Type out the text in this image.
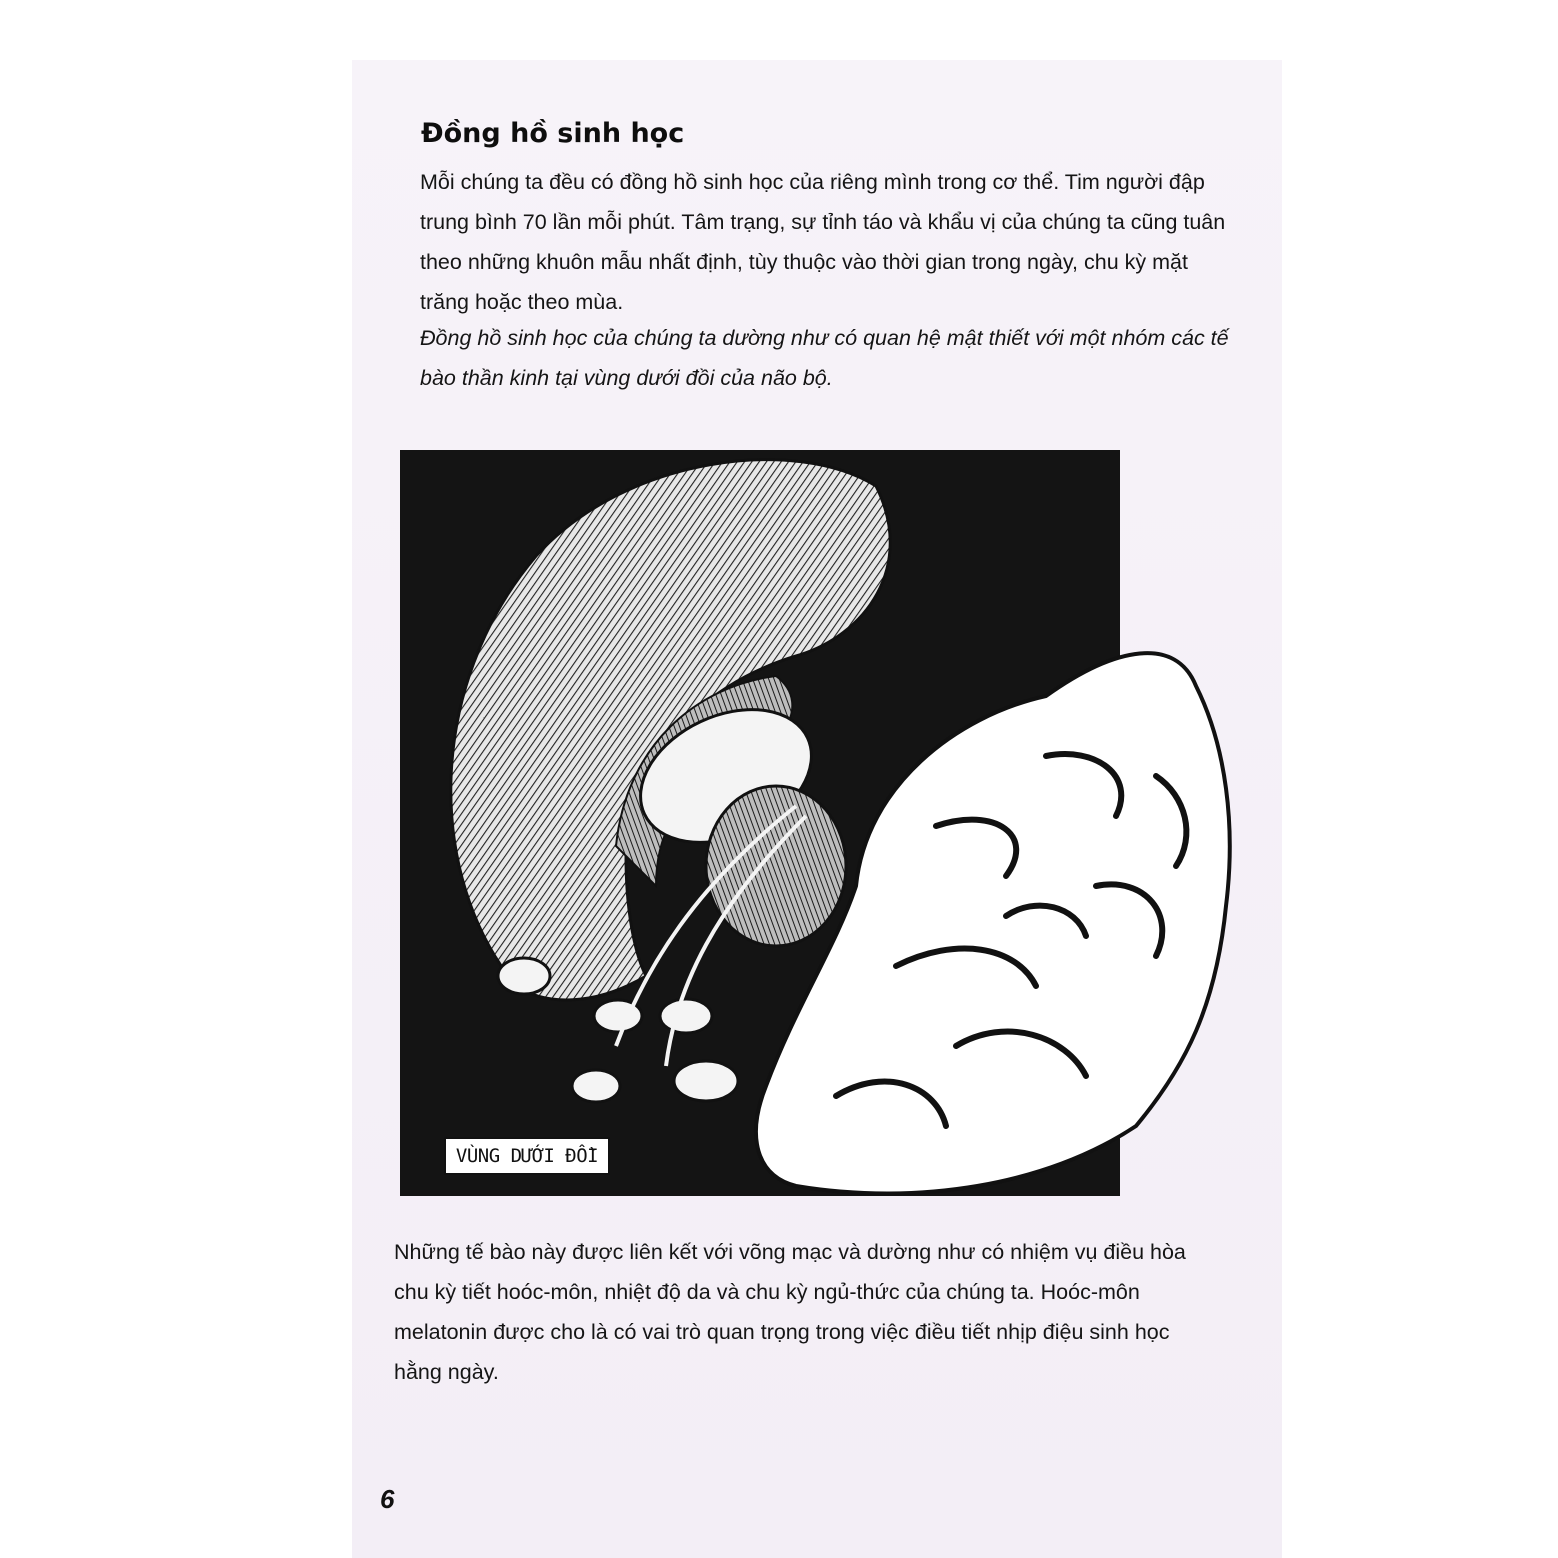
Đồng hồ sinh học

Mỗi chúng ta đều có đồng hồ sinh học của riêng mình trong cơ thể. Tim người đập trung bình 70 lần mỗi phút. Tâm trạng, sự tỉnh táo và khẩu vị của chúng ta cũng tuân theo những khuôn mẫu nhất định, tùy thuộc vào thời gian trong ngày, chu kỳ mặt trăng hoặc theo mùa.

Đồng hồ sinh học của chúng ta dường như có quan hệ mật thiết với một nhóm các tế bào thần kinh tại vùng dưới đồi của não bộ.

VÙNG DƯỚI ĐỒI

Những tế bào này được liên kết với võng mạc và dường như có nhiệm vụ điều hòa chu kỳ tiết hoóc-môn, nhiệt độ da và chu kỳ ngủ-thức của chúng ta. Hoóc-môn melatonin được cho là có vai trò quan trọng trong việc điều tiết nhịp điệu sinh học hằng ngày.

6
